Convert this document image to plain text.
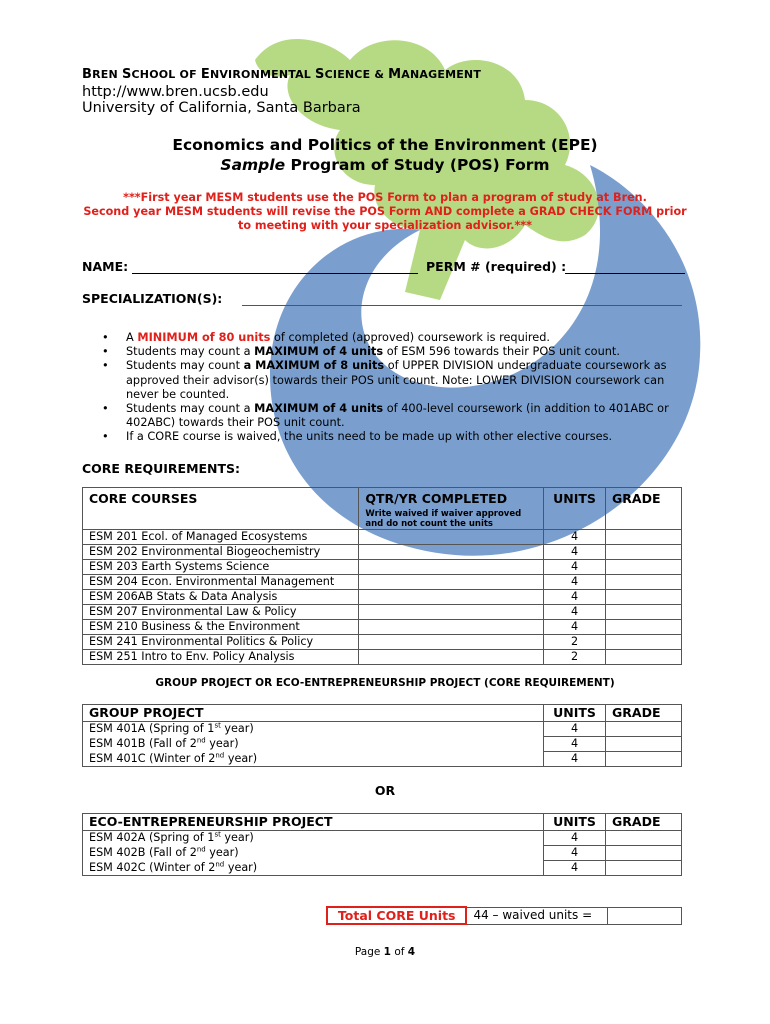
BREN SCHOOL OF ENVIRONMENTAL SCIENCE & MANAGEMENT
http://www.bren.ucsb.edu
University of California, Santa Barbara
Economics and Politics of the Environment (EPE)
Sample Program of Study (POS) Form
***First year MESM students use the POS Form to plan a program of study at Bren.
Second year MESM students will revise the POS Form AND complete a GRAD CHECK FORM prior
to meeting with your specialization advisor.***
NAME:	PERM # (required) :
SPECIALIZATION(S):
• A MINIMUM of 80 units of completed (approved) coursework is required.
• Students may count a MAXIMUM of 4 units of ESM 596 towards their POS unit count.
• Students may count a MAXIMUM of 8 units of UPPER DIVISION undergraduate coursework as approved their advisor(s) towards their POS unit count. Note: LOWER DIVISION coursework can never be counted.
• Students may count a MAXIMUM of 4 units of 400-level coursework (in addition to 401ABC or 402ABC) towards their POS unit count.
• If a CORE course is waived, the units need to be made up with other elective courses.
CORE REQUIREMENTS:
CORE COURSES	QTR/YR COMPLETED
Write waived if waiver approved
and do not count the units	UNITS	GRADE
ESM 201 Ecol. of Managed Ecosystems		4	
ESM 202 Environmental Biogeochemistry		4	
ESM 203 Earth Systems Science		4	
ESM 204 Econ. Environmental Management		4	
ESM 206AB Stats & Data Analysis		4	
ESM 207 Environmental Law & Policy		4	
ESM 210 Business & the Environment		4	
ESM 241 Environmental Politics & Policy		2	
ESM 251 Intro to Env. Policy Analysis		2	
GROUP PROJECT OR ECO-ENTREPRENEURSHIP PROJECT (CORE REQUIREMENT)
GROUP PROJECT	UNITS	GRADE
ESM 401A (Spring of 1st year)	4	
ESM 401B (Fall of 2nd year)	4	
ESM 401C (Winter of 2nd year)	4	
OR
ECO-ENTREPRENEURSHIP PROJECT	UNITS	GRADE
ESM 402A (Spring of 1st year)	4	
ESM 402B (Fall of 2nd year)	4	
ESM 402C (Winter of 2nd year)	4	
Total CORE Units	44 – waived units =	
Page 1 of 4
